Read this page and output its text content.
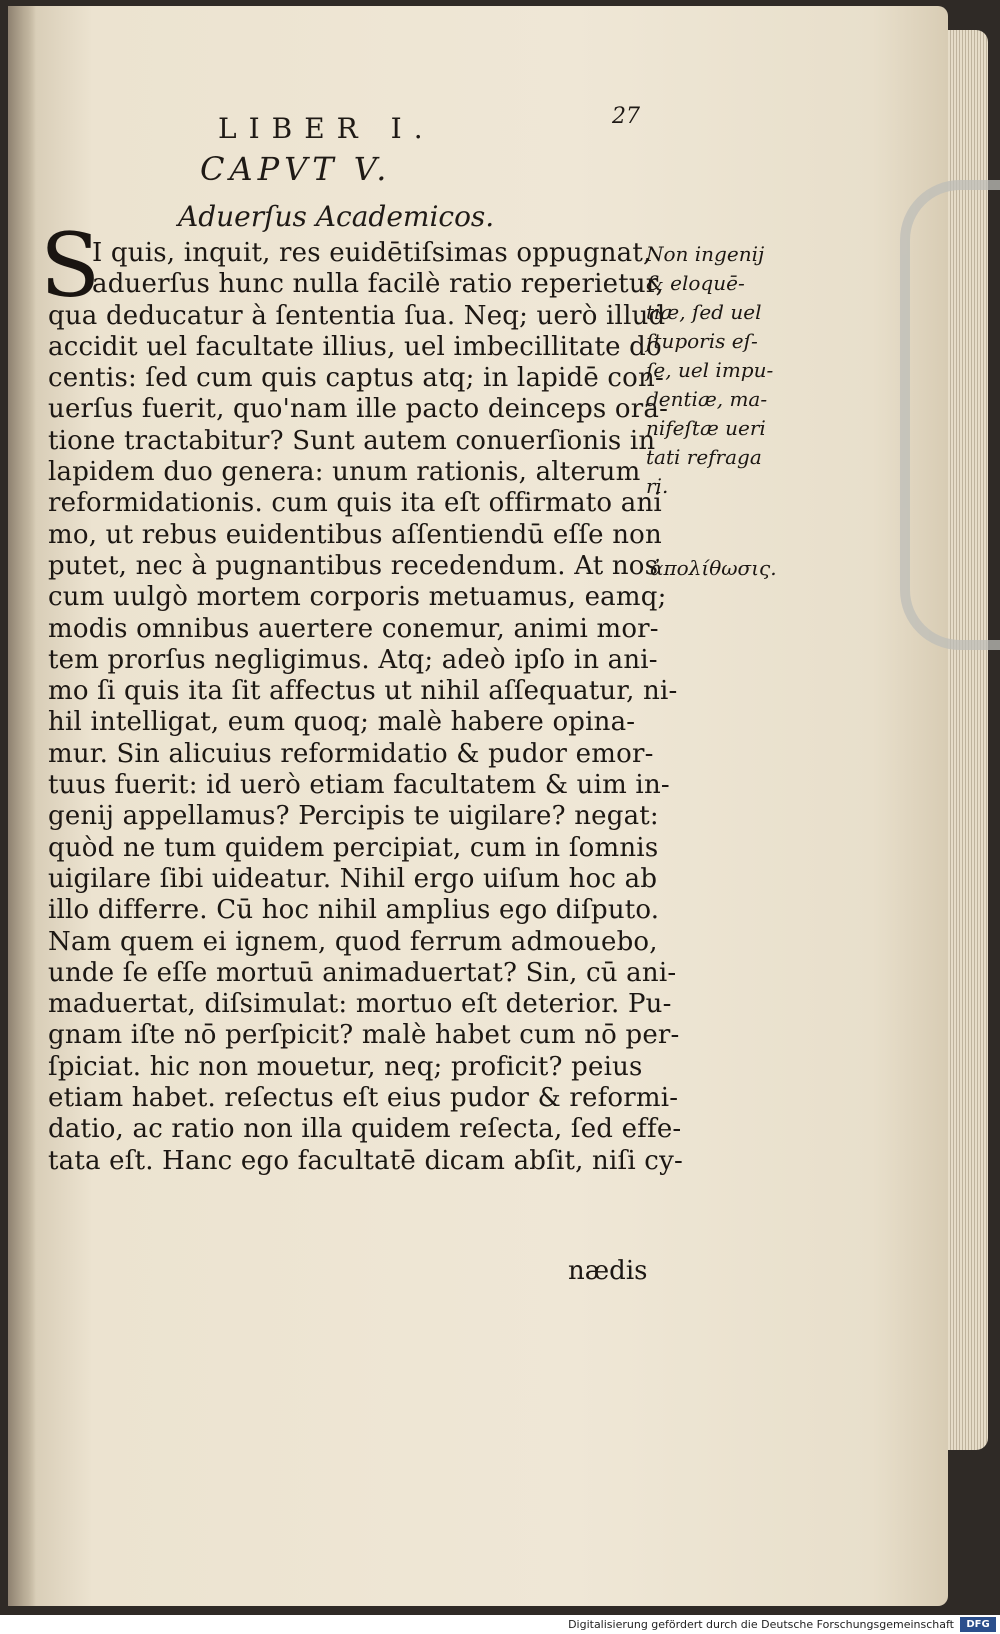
LIBER I.	27
CAPVT V.
Aduerſus Academicos.
S
I quis, inquit, res euidētiſsimas oppugnat,
aduerſus hunc nulla facilè ratio reperietur,
qua deducatur à ſententia ſua. Neq; uerò illud
accidit uel facultate illius, uel imbecillitate do
centis: ſed cum quis captus atq; in lapidē con-
uerſus fuerit, quo'nam ille pacto deinceps ora-
tione tractabitur? Sunt autem conuerſionis in
lapidem duo genera: unum rationis, alterum
reformidationis. cum quis ita eſt offirmato ani
mo, ut rebus euidentibus aſſentiendū eſſe non
putet, nec à pugnantibus recedendum. At nos
cum uulgò mortem corporis metuamus, eamq;
modis omnibus auertere conemur, animi mor-
tem prorſus negligimus. Atq; adeò ipſo in ani-
mo ſi quis ita ſit affectus ut nihil aſſequatur, ni-
hil intelligat, eum quoq; malè habere opina-
mur. Sin alicuius reformidatio & pudor emor-
tuus fuerit: id uerò etiam facultatem & uim in-
genij appellamus? Percipis te uigilare? negat:
quòd ne tum quidem percipiat, cum in ſomnis
uigilare ſibi uideatur. Nihil ergo uiſum hoc ab
illo differre. Cū hoc nihil amplius ego diſputo.
Nam quem ei ignem, quod ferrum admouebo,
unde ſe eſſe mortuū animaduertat? Sin, cū ani-
maduertat, diſsimulat: mortuo eſt deterior. Pu-
gnam iſte nō perſpicit? malè habet cum nō per-
ſpiciat. hic non mouetur, neq; proficit? peius
etiam habet. reſectus eſt eius pudor & reformi-
datio, ac ratio non illa quidem reſecta, ſed effe-
tata eſt. Hanc ego facultatē dicam abſit, niſi cy-
Non ingenij
& eloquē-
tiæ, ſed uel
ſtuporis eſ-
ſe, uel impu-
dentiæ, ma-
nifeſtæ ueri
tati refraga
ri.
ἀπολίθωσις.
nædis
Digitalisierung gefördert durch die Deutsche Forschungsgemeinschaft	DFG
